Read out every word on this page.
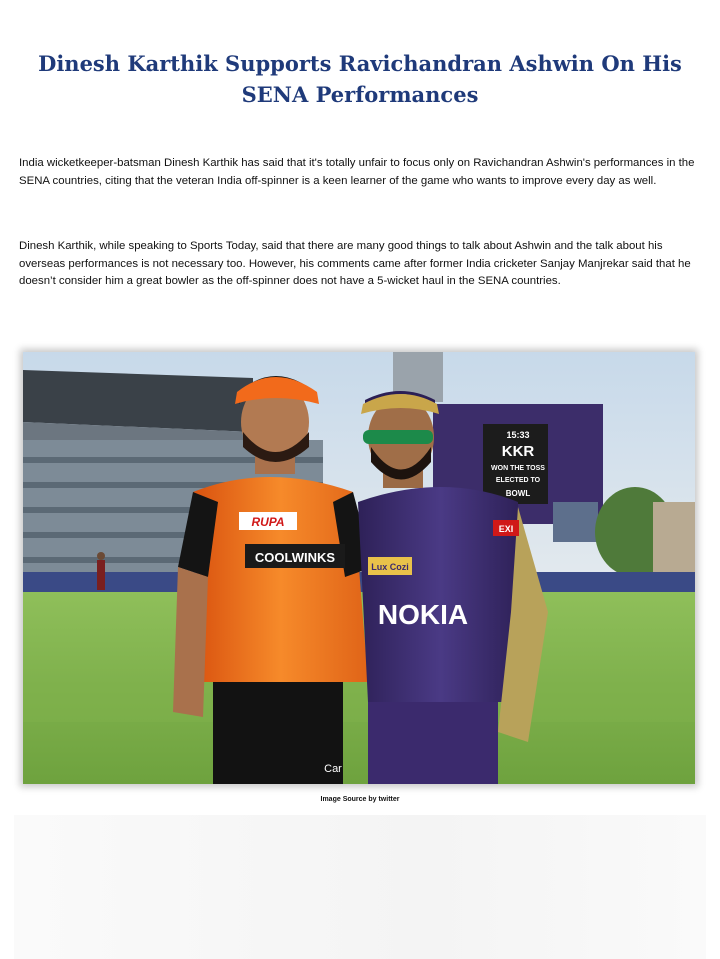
Dinesh Karthik Supports Ravichandran Ashwin On His SENA Performances

India wicketkeeper-batsman Dinesh Karthik has said that it's totally unfair to focus only on Ravichandran Ashwin's performances in the SENA countries, citing that the veteran India off-spinner is a keen learner of the game who wants to improve every day as well.

Dinesh Karthik, while speaking to Sports Today, said that there are many good things to talk about Ashwin and the talk about his overseas performances is not necessary too. However, his comments came after former India cricketer Sanjay Manjrekar said that he doesn’t consider him a great bowler as the off-spinner does not have a 5-wicket haul in the SENA countries.

15:33
KKR
WON THE TOSS
ELECTED TO
BOWL
RUPA
COOLWINKS
Car
Lux Cozi
NOKIA
EXI
Image Source by twitter
